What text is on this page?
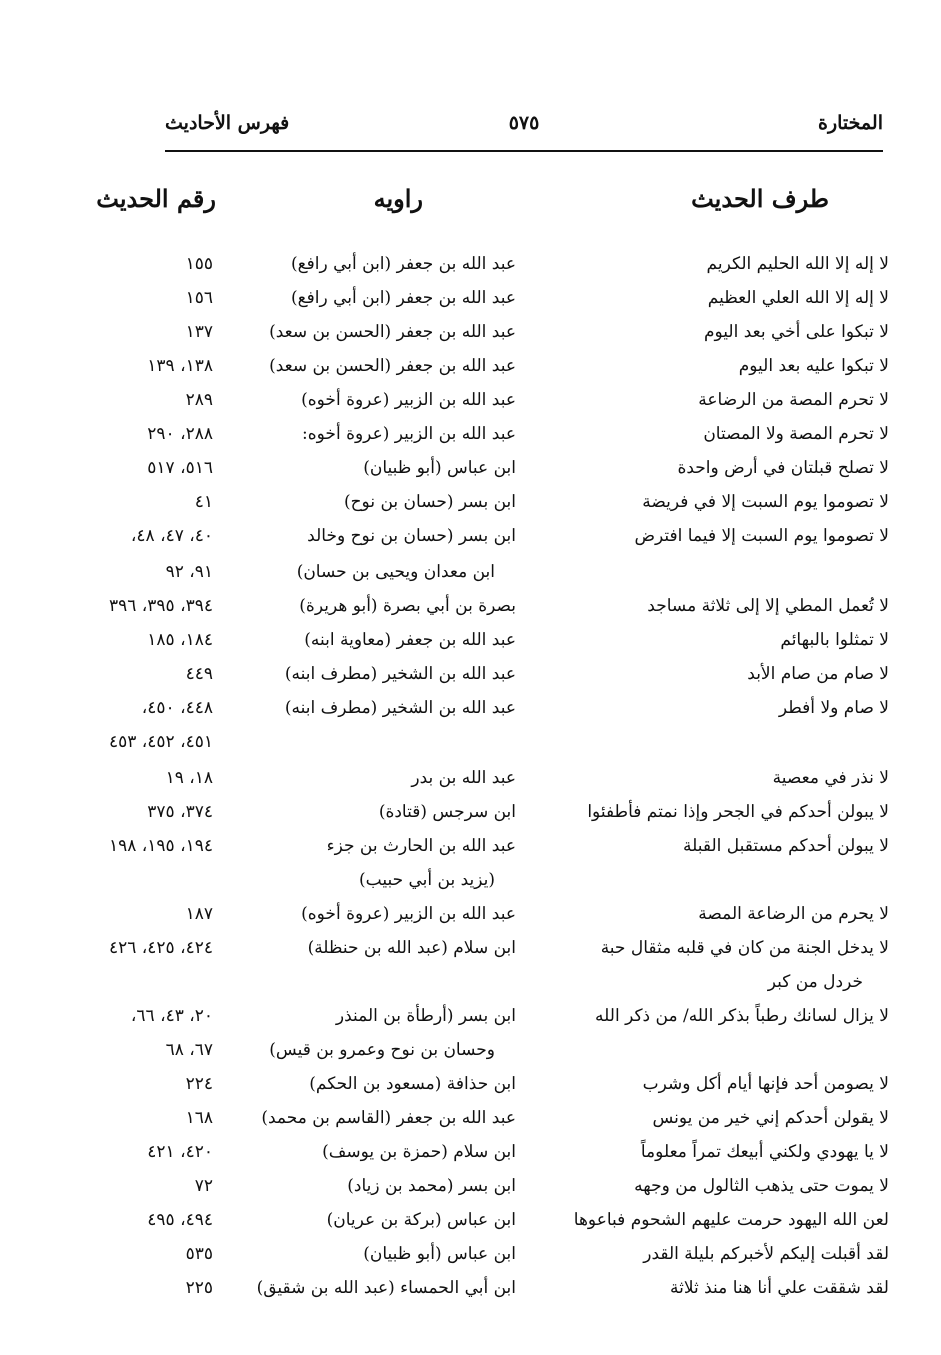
المختارة
٥٧٥
فهرس الأحاديث
طرف الحديث
راويه
رقم الحديث
لا إله إلا الله الحليم الكريم
عبد الله بن جعفر (ابن أبي رافع)
١٥٥
لا إله إلا الله العلي العظيم
عبد الله بن جعفر (ابن أبي رافع)
١٥٦
لا تبكوا على أخي بعد اليوم
عبد الله بن جعفر (الحسن بن سعد)
١٣٧
لا تبكوا عليه بعد اليوم
عبد الله بن جعفر (الحسن بن سعد)
١٣٨، ١٣٩
لا تحرم المصة من الرضاعة
عبد الله بن الزبير (عروة أخوه)
٢٨٩
لا تحرم المصة ولا المصتان
عبد الله بن الزبير (عروة أخوه:
٢٨٨، ٢٩٠
لا تصلح قبلتان في أرض واحدة
ابن عباس (أبو ظبيان)
٥١٦، ٥١٧
لا تصوموا يوم السبت إلا في فريضة
ابن بسر (حسان بن نوح)
٤١
لا تصوموا يوم السبت إلا فيما افترض
ابن بسر (حسان بن نوح وخالد
٤٠، ٤٧، ٤٨،
ابن معدان ويحيى بن حسان)
٩١، ٩٢
لا تُعمل المطي إلا إلى ثلاثة مساجد
بصرة بن أبي بصرة (أبو هريرة)
٣٩٤، ٣٩٥، ٣٩٦
لا تمثلوا بالبهائم
عبد الله بن جعفر (معاوية ابنه)
١٨٤، ١٨٥
لا صام من صام الأبد
عبد الله بن الشخير (مطرف ابنه)
٤٤٩
لا صام ولا أفطر
عبد الله بن الشخير (مطرف ابنه)
٤٤٨، ٤٥٠،
٤٥١، ٤٥٢، ٤٥٣
لا نذر في معصية
عبد الله بن بدر
١٨، ١٩
لا يبولن أحدكم في الجحر وإذا نمتم فأطفئوا
ابن سرجس (قتادة)
٣٧٤، ٣٧٥
لا يبولن أحدكم مستقبل القبلة
عبد الله بن الحارث بن جزء
١٩٤، ١٩٥، ١٩٨
(يزيد بن أبي حبيب)
لا يحرم من الرضاعة المصة
عبد الله بن الزبير (عروة أخوه)
١٨٧
لا يدخل الجنة من كان في قلبه مثقال حبة
ابن سلام (عبد الله بن حنظلة)
٤٢٤، ٤٢٥، ٤٢٦
خردل من كبر
لا يزال لسانك رطباً بذكر الله/ من ذكر الله
ابن بسر (أرطأة بن المنذر
٢٠، ٤٣، ٦٦،
وحسان بن نوح وعمرو بن قيس)
٦٧، ٦٨
لا يصومن أحد فإنها أيام أكل وشرب
ابن حذافة (مسعود بن الحكم)
٢٢٤
لا يقولن أحدكم إني خير من يونس
عبد الله بن جعفر (القاسم بن محمد)
١٦٨
لا يا يهودي ولكني أبيعك تمراً معلوماً
ابن سلام (حمزة بن يوسف)
٤٢٠، ٤٢١
لا يموت حتى يذهب الثالول من وجهه
ابن بسر (محمد بن زياد)
٧٢
لعن الله اليهود حرمت عليهم الشحوم فباعوها
ابن عباس (بركة بن عريان)
٤٩٤، ٤٩٥
لقد أقبلت إليكم لأخبركم بليلة القدر
ابن عباس (أبو ظبيان)
٥٣٥
لقد شققت علي أنا هنا منذ ثلاثة
ابن أبي الحمساء (عبد الله بن شقيق)
٢٢٥
